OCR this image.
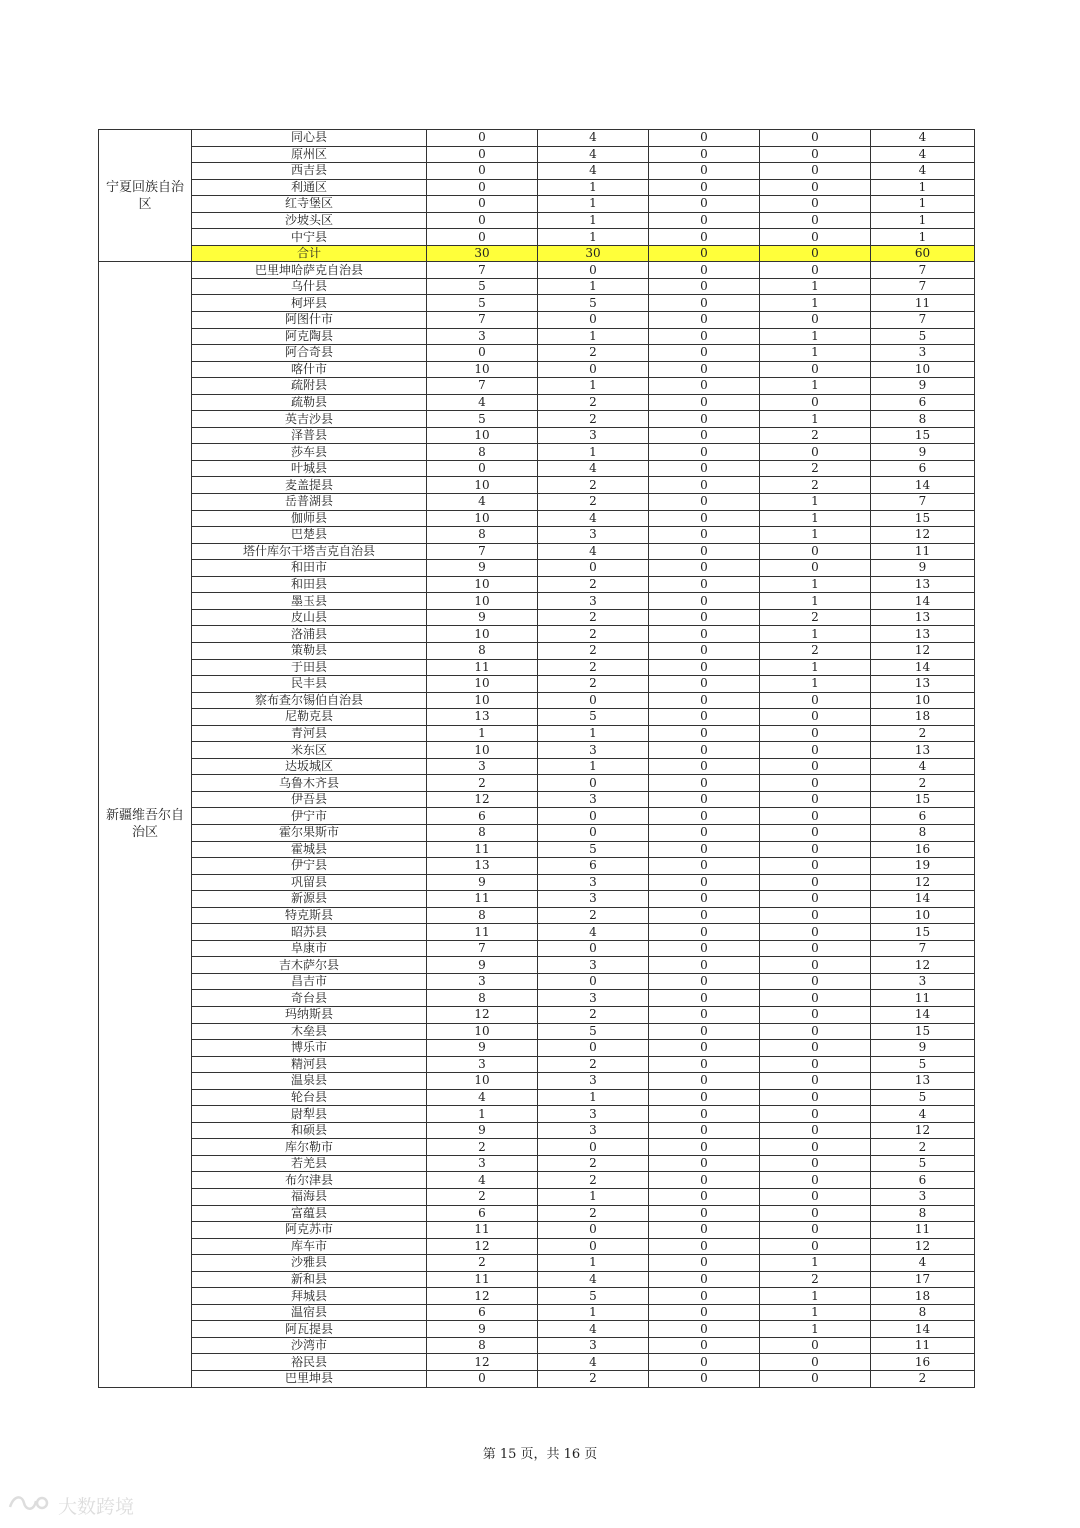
宁夏回族自治区	同心县	0	4	0	0	4
	原州区	0	4	0	0	4
	西吉县	0	4	0	0	4
	利通区	0	1	0	0	1
	红寺堡区	0	1	0	0	1
	沙坡头区	0	1	0	0	1
	中宁县	0	1	0	0	1
	合计	30	30	0	0	60
新疆维吾尔自治区	巴里坤哈萨克自治县	7	0	0	0	7
	乌什县	5	1	0	1	7
	柯坪县	5	5	0	1	11
	阿图什市	7	0	0	0	7
	阿克陶县	3	1	0	1	5
	阿合奇县	0	2	0	1	3
	喀什市	10	0	0	0	10
	疏附县	7	1	0	1	9
	疏勒县	4	2	0	0	6
	英吉沙县	5	2	0	1	8
	泽普县	10	3	0	2	15
	莎车县	8	1	0	0	9
	叶城县	0	4	0	2	6
	麦盖提县	10	2	0	2	14
	岳普湖县	4	2	0	1	7
	伽师县	10	4	0	1	15
	巴楚县	8	3	0	1	12
	塔什库尔干塔吉克自治县	7	4	0	0	11
	和田市	9	0	0	0	9
	和田县	10	2	0	1	13
	墨玉县	10	3	0	1	14
	皮山县	9	2	0	2	13
	洛浦县	10	2	0	1	13
	策勒县	8	2	0	2	12
	于田县	11	2	0	1	14
	民丰县	10	2	0	1	13
	察布查尔锡伯自治县	10	0	0	0	10
	尼勒克县	13	5	0	0	18
	青河县	1	1	0	0	2
	米东区	10	3	0	0	13
	达坂城区	3	1	0	0	4
	乌鲁木齐县	2	0	0	0	2
	伊吾县	12	3	0	0	15
	伊宁市	6	0	0	0	6
	霍尔果斯市	8	0	0	0	8
	霍城县	11	5	0	0	16
	伊宁县	13	6	0	0	19
	巩留县	9	3	0	0	12
	新源县	11	3	0	0	14
	特克斯县	8	2	0	0	10
	昭苏县	11	4	0	0	15
	阜康市	7	0	0	0	7
	吉木萨尔县	9	3	0	0	12
	昌吉市	3	0	0	0	3
	奇台县	8	3	0	0	11
	玛纳斯县	12	2	0	0	14
	木垒县	10	5	0	0	15
	博乐市	9	0	0	0	9
	精河县	3	2	0	0	5
	温泉县	10	3	0	0	13
	轮台县	4	1	0	0	5
	尉犁县	1	3	0	0	4
	和硕县	9	3	0	0	12
	库尔勒市	2	0	0	0	2
	若羌县	3	2	0	0	5
	布尔津县	4	2	0	0	6
	福海县	2	1	0	0	3
	富蕴县	6	2	0	0	8
	阿克苏市	11	0	0	0	11
	库车市	12	0	0	0	12
	沙雅县	2	1	0	1	4
	新和县	11	4	0	2	17
	拜城县	12	5	0	1	18
	温宿县	6	1	0	1	8
	阿瓦提县	9	4	0	1	14
	沙湾市	8	3	0	0	11
	裕民县	12	4	0	0	16
	巴里坤县	0	2	0	0	2
第 15 页，共 16 页
大数跨境
